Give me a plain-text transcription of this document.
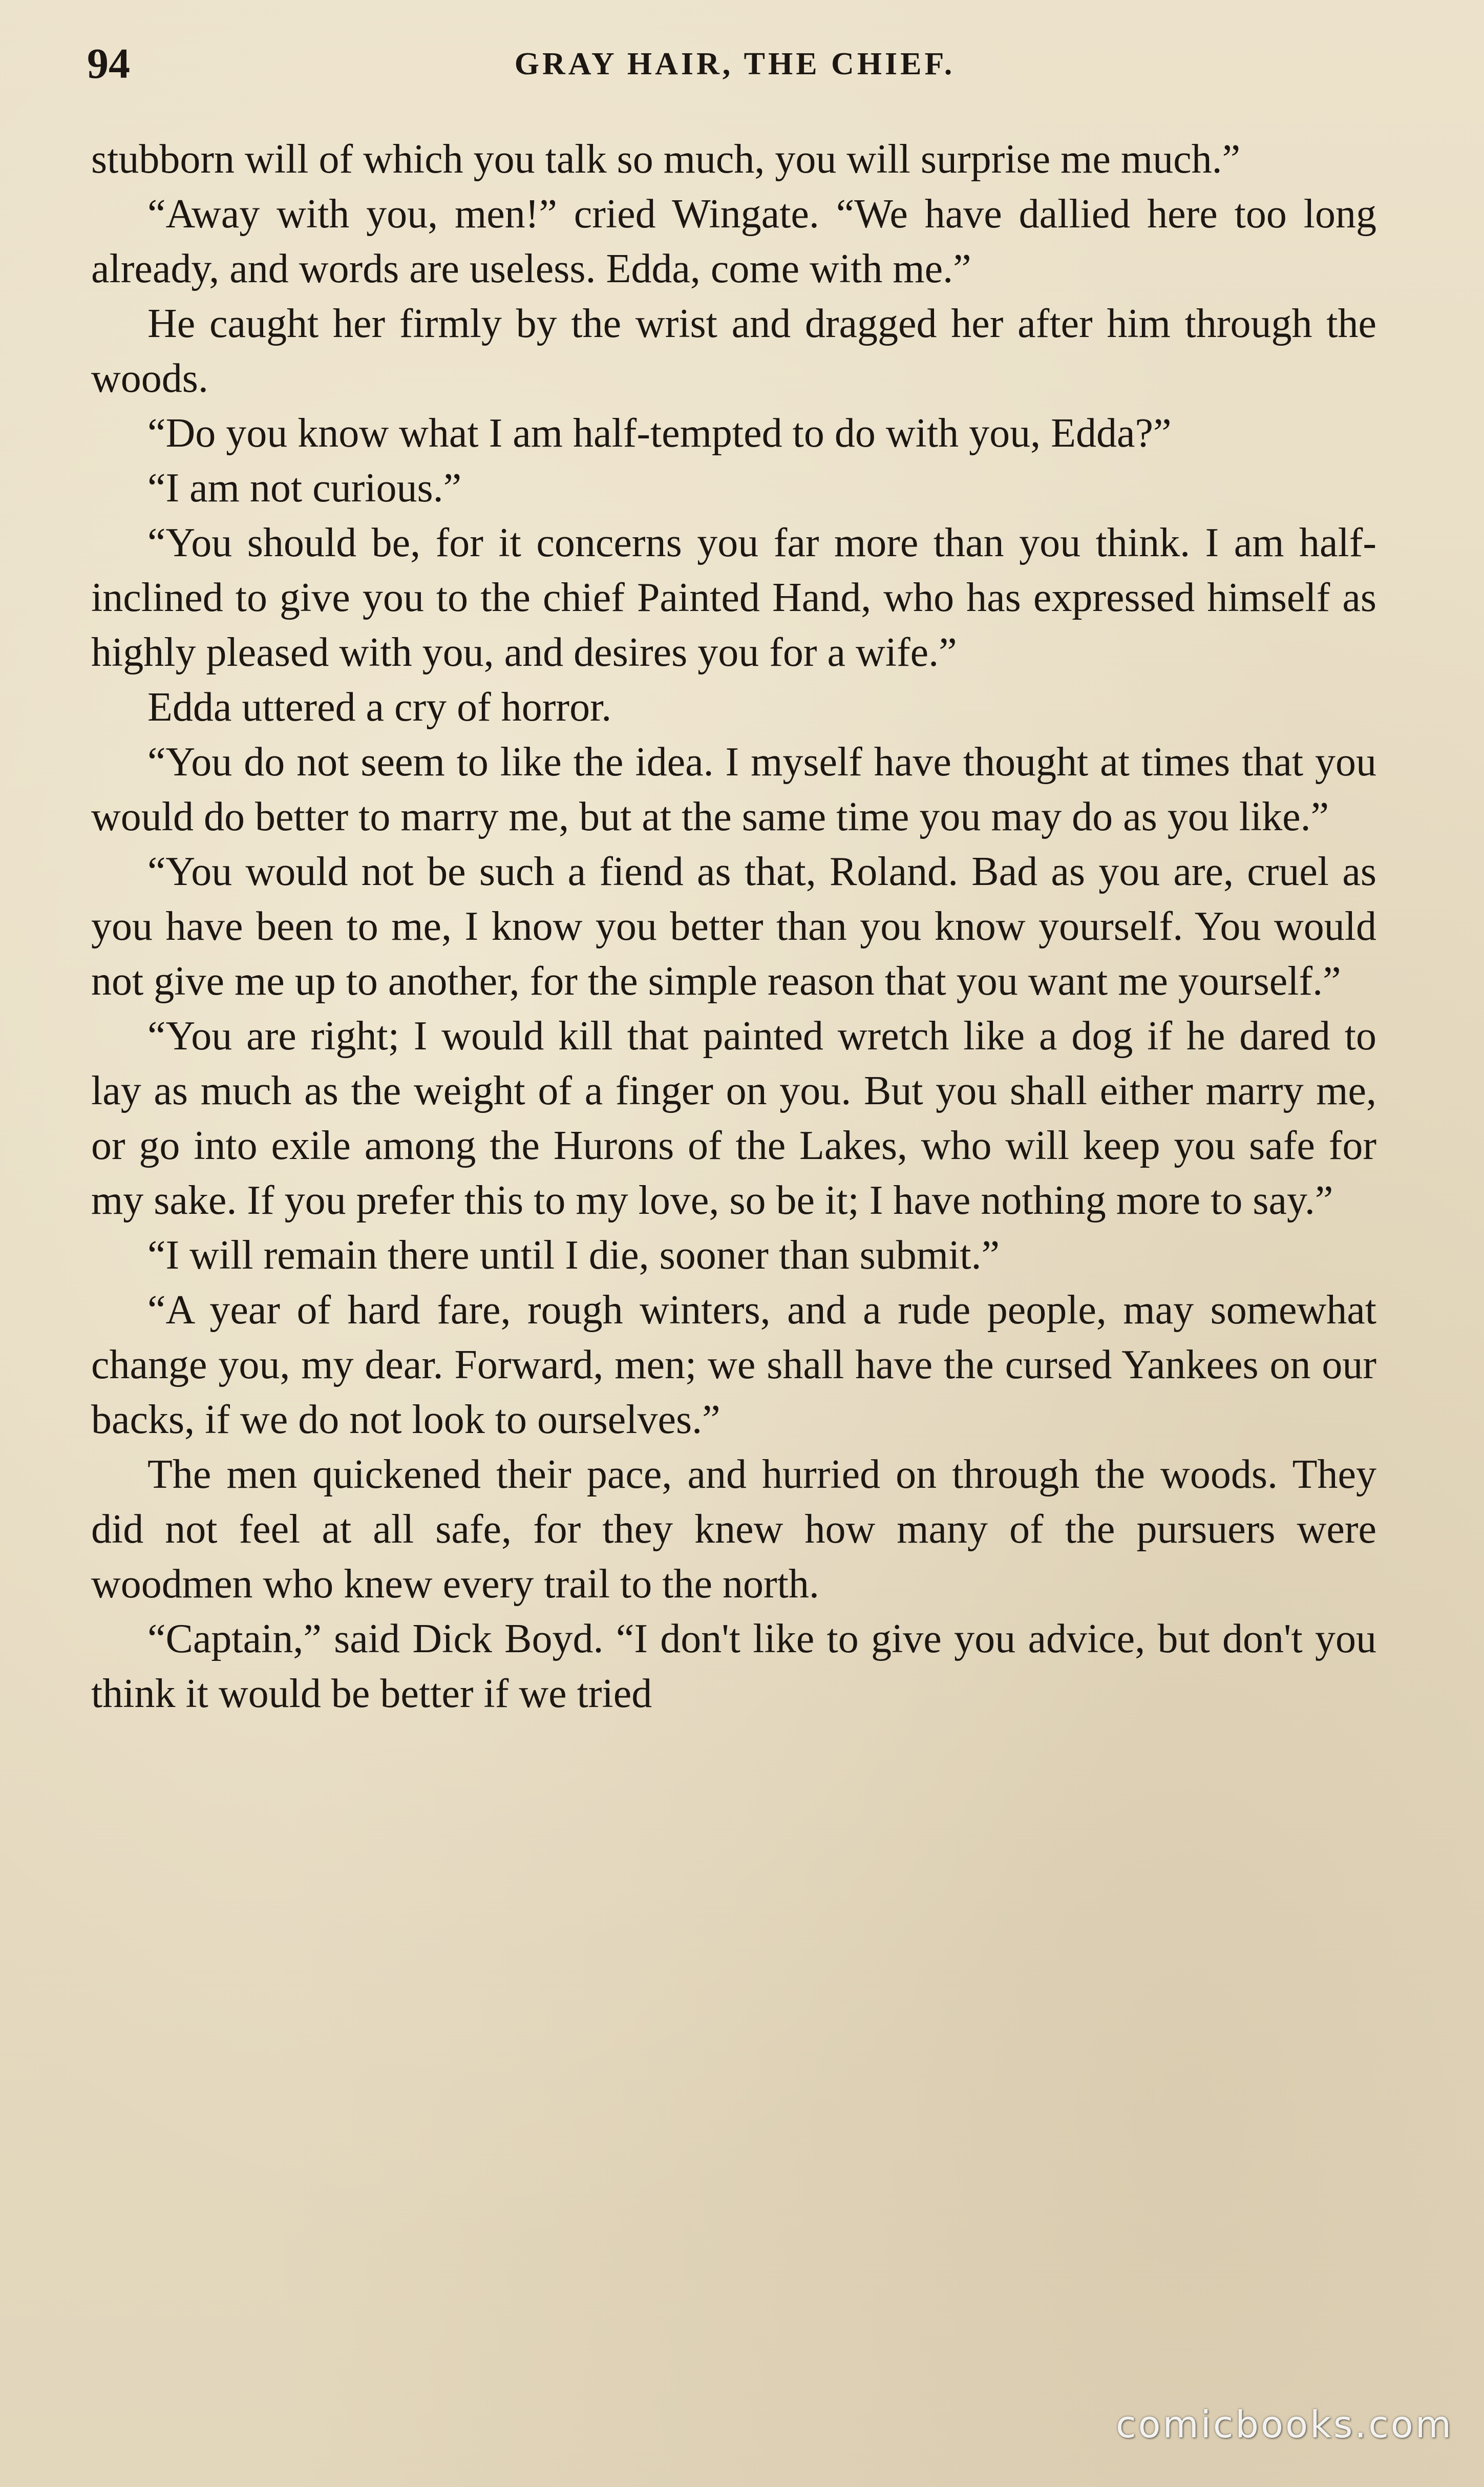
94	GRAY HAIR, THE CHIEF.

stubborn will of which you talk so much, you will surprise me much.”

“Away with you, men!” cried Wingate. “We have dallied here too long already, and words are useless. Edda, come with me.”

He caught her firmly by the wrist and dragged her after him through the woods.

“Do you know what I am half-tempted to do with you, Edda?”

“I am not curious.”

“You should be, for it concerns you far more than you think. I am half-inclined to give you to the chief Painted Hand, who has expressed himself as highly pleased with you, and desires you for a wife.”

Edda uttered a cry of horror.

“You do not seem to like the idea. I myself have thought at times that you would do better to marry me, but at the same time you may do as you like.”

“You would not be such a fiend as that, Roland. Bad as you are, cruel as you have been to me, I know you better than you know yourself. You would not give me up to another, for the simple reason that you want me yourself.”

“You are right; I would kill that painted wretch like a dog if he dared to lay as much as the weight of a finger on you. But you shall either marry me, or go into exile among the Hurons of the Lakes, who will keep you safe for my sake. If you prefer this to my love, so be it; I have nothing more to say.”

“I will remain there until I die, sooner than submit.”

“A year of hard fare, rough winters, and a rude people, may somewhat change you, my dear. Forward, men; we shall have the cursed Yankees on our backs, if we do not look to ourselves.”

The men quickened their pace, and hurried on through the woods. They did not feel at all safe, for they knew how many of the pursuers were woodmen who knew every trail to the north.

“Captain,” said Dick Boyd. “I don't like to give you advice, but don't you think it would be better if we tried

comicbooks.com
